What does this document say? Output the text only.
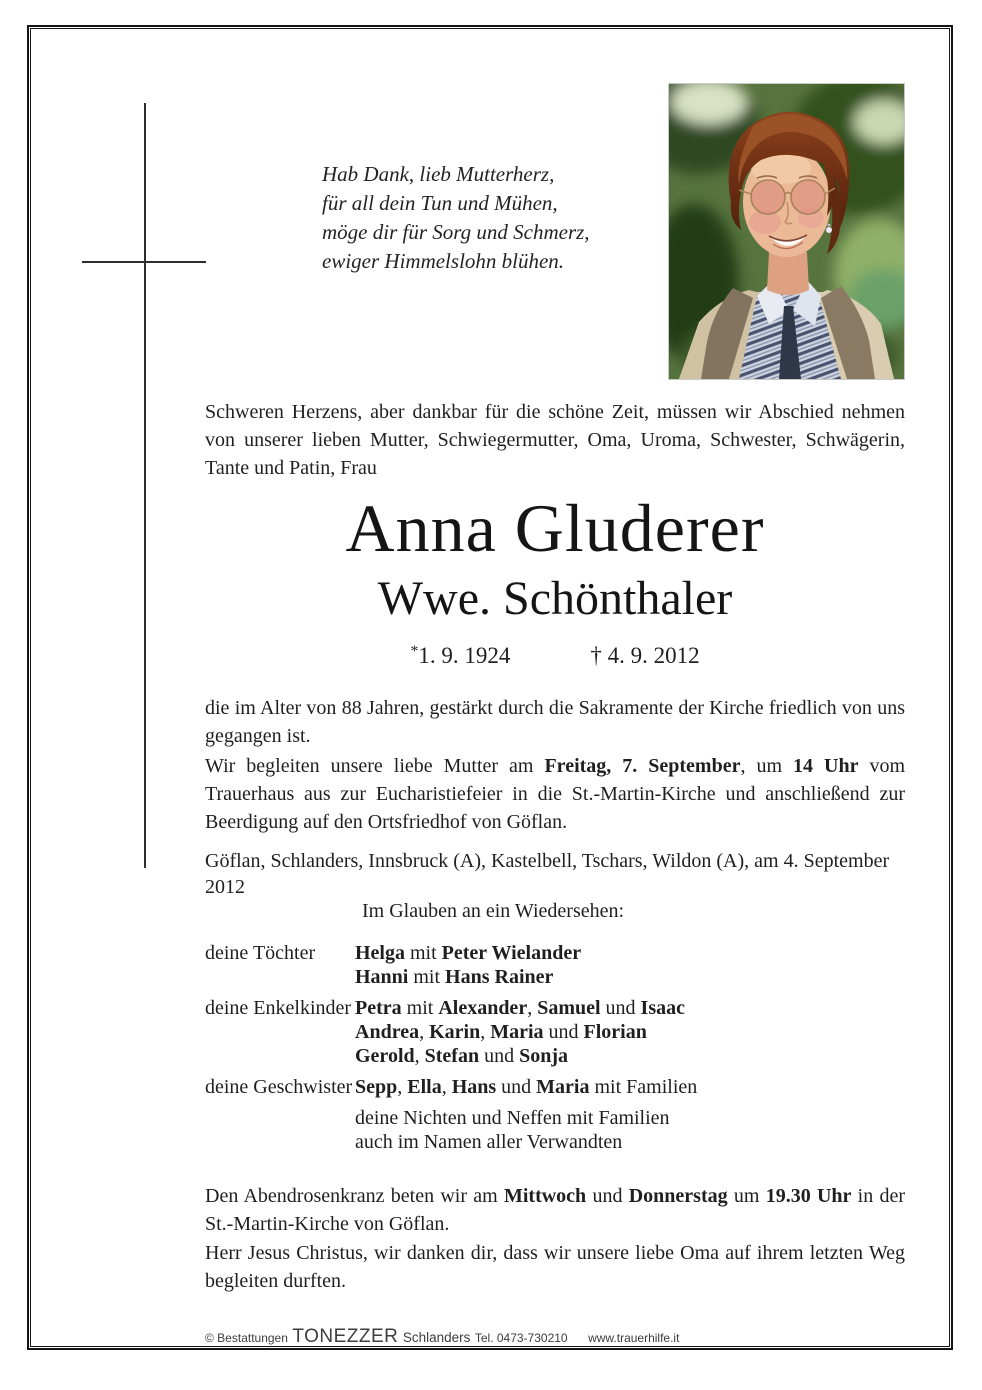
Hab Dank, lieb Mutterherz,
für all dein Tun und Mühen,
möge dir für Sorg und Schmerz,
ewiger Himmelslohn blühen.
Schweren Herzens, aber dankbar für die schöne Zeit, müssen wir Abschied nehmen von unserer lieben Mutter, Schwiegermutter, Oma, Uroma, Schwester, Schwägerin, Tante und Patin, Frau
Anna Gluderer
Wwe. Schönthaler
*1. 9. 1924	† 4. 9. 2012
die im Alter von 88 Jahren, gestärkt durch die Sakramente der Kirche friedlich von uns gegangen ist.
Wir begleiten unsere liebe Mutter am Freitag, 7. September, um 14 Uhr vom Trauerhaus aus zur Eucharistiefeier in die St.-Martin-Kirche und anschließend zur Beerdigung auf den Ortsfriedhof von Göflan.
Göflan, Schlanders, Innsbruck (A), Kastelbell, Tschars, Wildon (A), am 4. September 2012
Im Glauben an ein Wiedersehen:
deine Töchter	Helga mit Peter Wielander
Hanni mit Hans Rainer
deine Enkelkinder Petra mit Alexander, Samuel und Isaac
Andrea, Karin, Maria und Florian
Gerold, Stefan und Sonja
deine Geschwister Sepp, Ella, Hans und Maria mit Familien
deine Nichten und Neffen mit Familien
auch im Namen aller Verwandten
Den Abendrosenkranz beten wir am Mittwoch und Donnerstag um 19.30 Uhr in der St.-Martin-Kirche von Göflan.
Herr Jesus Christus, wir danken dir, dass wir unsere liebe Oma auf ihrem letzten Weg begleiten durften.
© Bestattungen TONEZZER Schlanders Tel. 0473-730210 www.trauerhilfe.it
